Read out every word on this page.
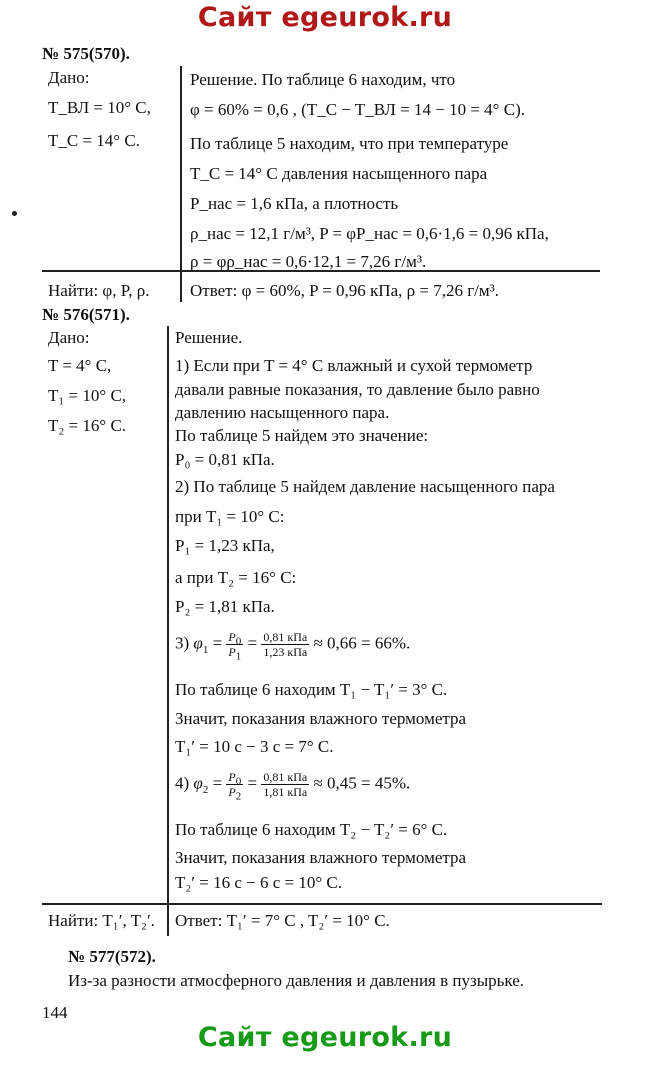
Сайт egeurok.ru
№ 575(570).
Дано:
T_ВЛ = 10° C,
T_C = 14° C.
Решение. По таблице 6 находим, что
φ = 60% = 0,6 , (T_C − T_ВЛ = 14 − 10 = 4° C).
По таблице 5 находим, что при температуре
T_C = 14° C давления насыщенного пара
P_нас = 1,6 кПа, а плотность
ρ_нас = 12,1 г/м³, P = φP_нас = 0,6·1,6 = 0,96 кПа,
ρ = φρ_нас = 0,6·12,1 = 7,26 г/м³.
Найти: φ, P, ρ. Ответ: φ = 60%, P = 0,96 кПа, ρ = 7,26 г/м³.
№ 576(571).
Дано:
T = 4° C,
T₁ = 10° C,
T₂ = 16° C.
Решение.
1) Если при T = 4° C влажный и сухой термометр
давали равные показания, то давление было равно
давлению насыщенного пара.
По таблице 5 найдем это значение:
P₀ = 0,81 кПа.
2) По таблице 5 найдем давление насыщенного пара
при T₁ = 10° C:
P₁ = 1,23 кПа,
а при T₂ = 16° C:
P₂ = 1,81 кПа.
3) $\varphi_1 = \frac{P_0}{P_1} = \frac{\text{0,81 кПа}}{\text{1,23 кПа}} \approx 0,66 = 66\%$.
По таблице 6 находим T₁ − T₁′ = 3° C.
Значит, показания влажного термометра
T₁′ = 10 c − 3 c = 7° C.
4) $\varphi_2 = \frac{P_0}{P_2} = \frac{\text{0,81 кПа}}{\text{1,81 кПа}} \approx 0,45 = 45\%$.
По таблице 6 находим T₂ − T₂′ = 6° C.
Значит, показания влажного термометра
T₂′ = 16 c − 6 c = 10° C.
Найти: T₁′, T₂′. Ответ: T₁′ = 7° C , T₂′ = 10° C.
№ 577(572).
Из-за разности атмосферного давления и давления в пузырьке.
144
Сайт egeurok.ru
